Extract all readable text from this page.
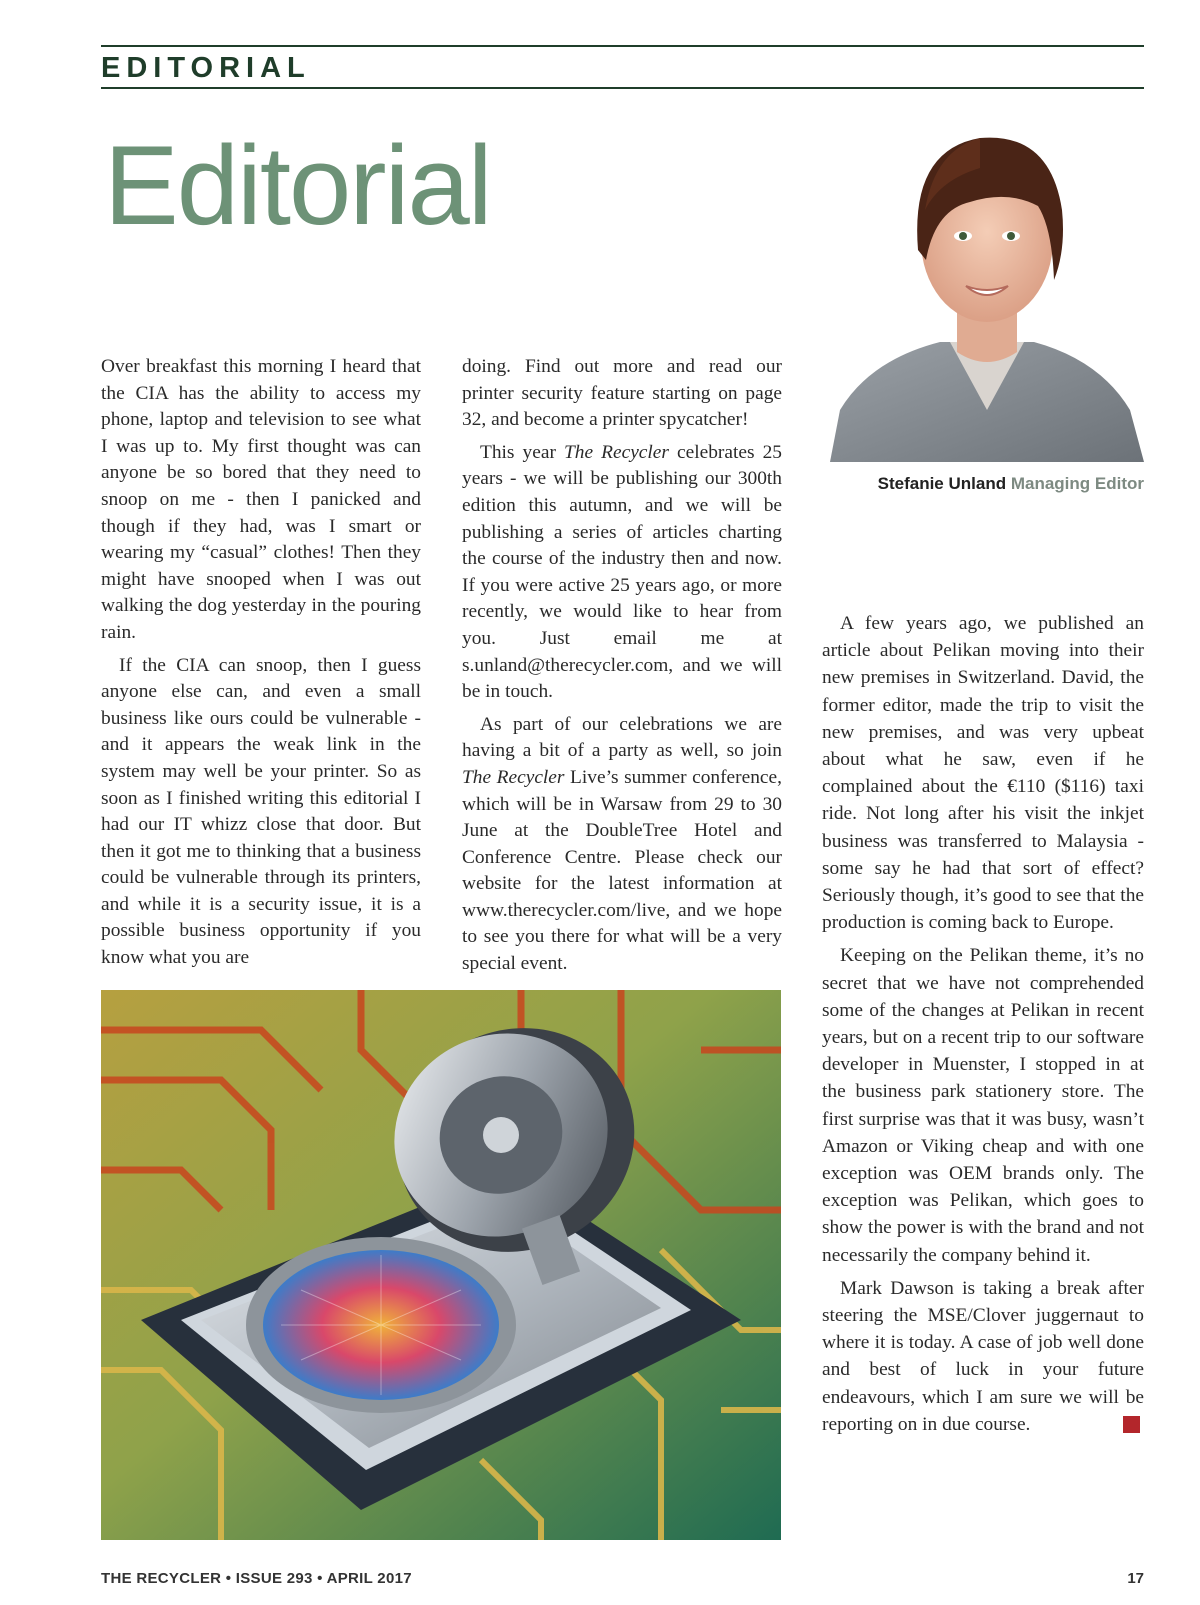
EDITORIAL
Editorial
Stefanie Unland Managing Editor

Over breakfast this morning I heard that the CIA has the ability to access my phone, laptop and television to see what I was up to. My first thought was can anyone be so bored that they need to snoop on me - then I panicked and though if they had, was I smart or wearing my “casual” clothes! Then they might have snooped when I was out walking the dog yesterday in the pouring rain.

If the CIA can snoop, then I guess anyone else can, and even a small business like ours could be vulnerable - and it appears the weak link in the system may well be your printer. So as soon as I finished writing this editorial I had our IT whizz close that door. But then it got me to thinking that a business could be vulnerable through its printers, and while it is a security issue, it is a possible business opportunity if you know what you are

doing. Find out more and read our printer security feature starting on page 32, and become a printer spycatcher!

This year The Recycler celebrates 25 years - we will be publishing our 300th edition this autumn, and we will be publishing a series of articles charting the course of the industry then and now. If you were active 25 years ago, or more recently, we would like to hear from you. Just email me at s.unland@therecycler.com, and we will be in touch.

As part of our celebrations we are having a bit of a party as well, so join The Recycler Live’s summer conference, which will be in Warsaw from 29 to 30 June at the DoubleTree Hotel and Conference Centre. Please check our website for the latest information at www.therecycler.com/live, and we hope to see you there for what will be a very special event.

A few years ago, we published an article about Pelikan moving into their new premises in Switzerland. David, the former editor, made the trip to visit the new premises, and was very upbeat about what he saw, even if he complained about the €110 ($116) taxi ride. Not long after his visit the inkjet business was transferred to Malaysia - some say he had that sort of effect? Seriously though, it’s good to see that the production is coming back to Europe.

Keeping on the Pelikan theme, it’s no secret that we have not comprehended some of the changes at Pelikan in recent years, but on a recent trip to our software developer in Muenster, I stopped in at the business park stationery store. The first surprise was that it was busy, wasn’t Amazon or Viking cheap and with one exception was OEM brands only. The exception was Pelikan, which goes to show the power is with the brand and not necessarily the company behind it.

Mark Dawson is taking a break after steering the MSE/Clover juggernaut to where it is today. A case of job well done and best of luck in your future endeavours, which I am sure we will be reporting on in due course.	R

THE RECYCLER • ISSUE 293 • APRIL 2017	17
